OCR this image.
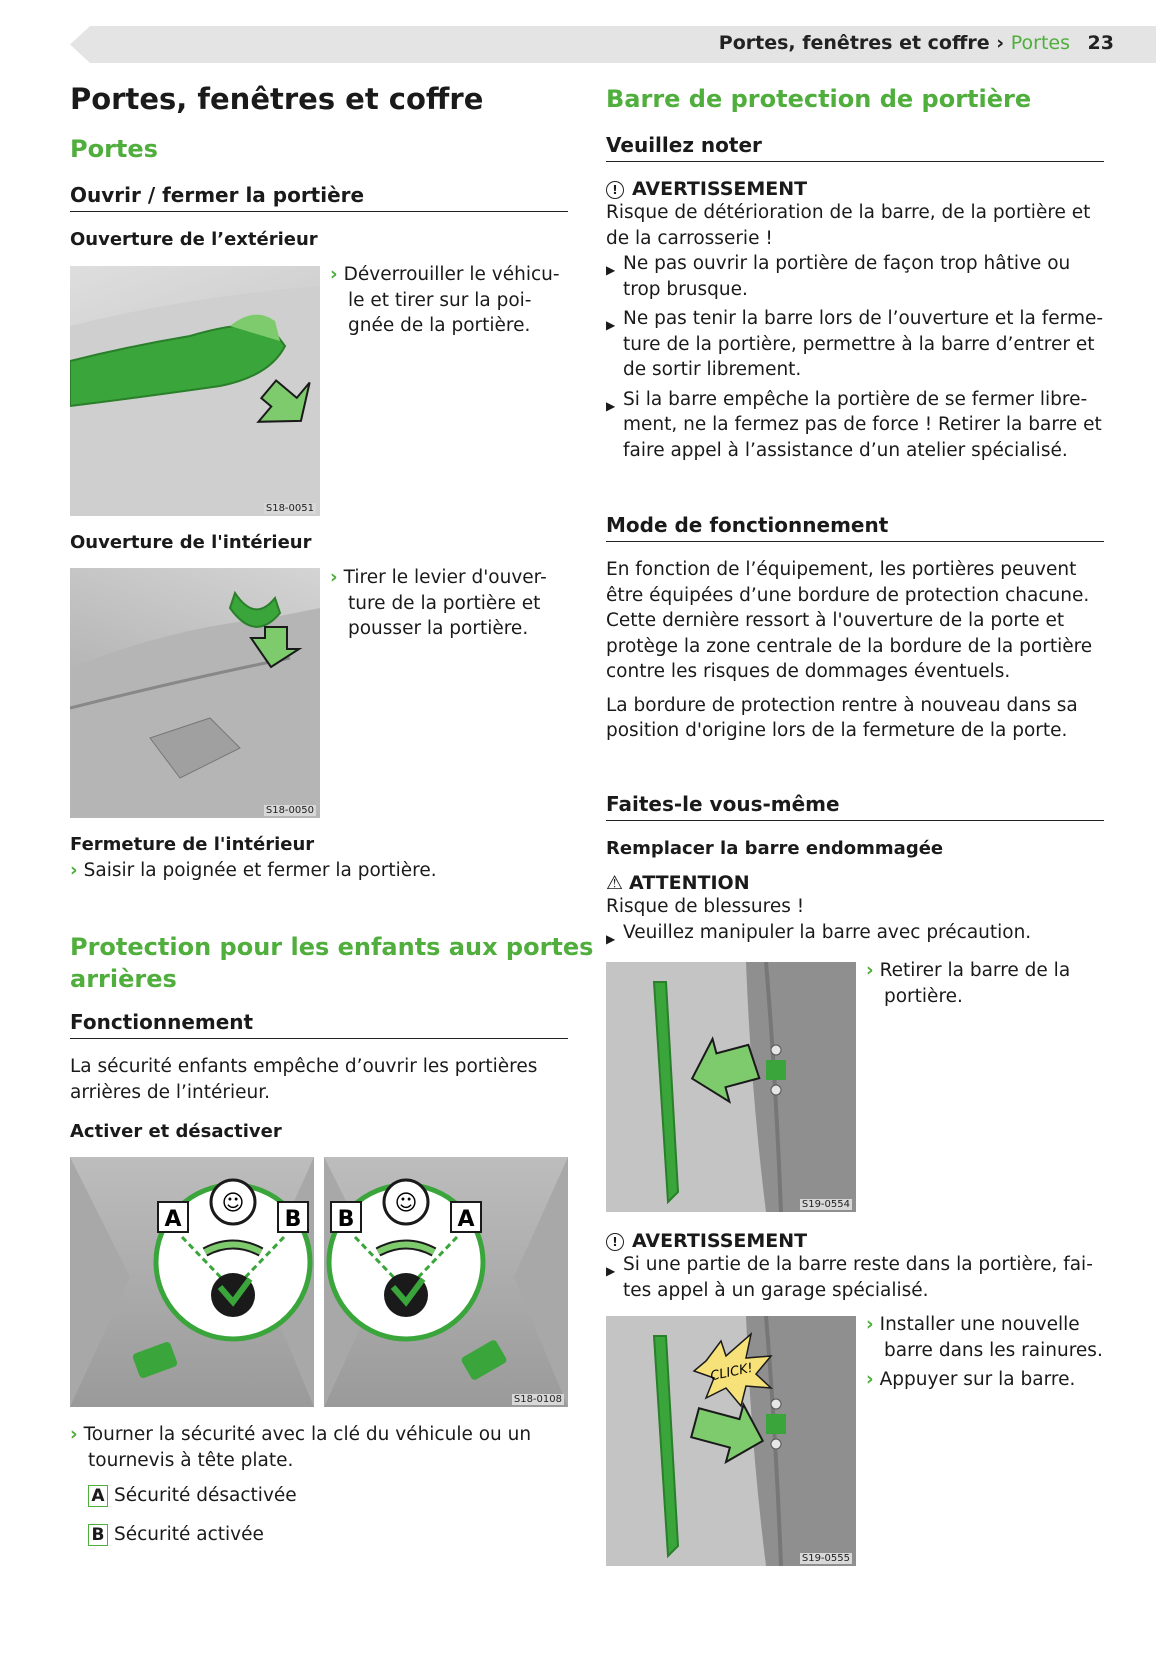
Portes, fenêtres et coffre › Portes 23
Portes, fenêtres et coffre
Portes
Ouvrir / fermer la portière
Ouverture de l’extérieur
S18-0051
› Déverrouiller le véhicu-
le et tirer sur la poi-
gnée de la portière.
Ouverture de l'intérieur
S18-0050
› Tirer le levier d'ouver-
ture de la portière et
pousser la portière.
Fermeture de l'intérieur
› Saisir la poignée et fermer la portière.
Protection pour les enfants aux portes
arrières
Fonctionnement
La sécurité enfants empêche d’ouvrir les portières
arrières de l’intérieur.
Activer et désactiver
☺
A	B
☺
B	A
S18-0108
› Tourner la sécurité avec la clé du véhicule ou un
tournevis à tête plate.
A Sécurité désactivée
B Sécurité activée
Barre de protection de portière
Veuillez noter
! AVERTISSEMENT
Risque de détérioration de la barre, de la portière et
de la carrosserie !
▶ Ne pas ouvrir la portière de façon trop hâtive ou
trop brusque.
▶ Ne pas tenir la barre lors de l’ouverture et la ferme-
ture de la portière, permettre à la barre d’entrer et
de sortir librement.
▶ Si la barre empêche la portière de se fermer libre-
ment, ne la fermez pas de force ! Retirer la barre et
faire appel à l’assistance d’un atelier spécialisé.
Mode de fonctionnement
En fonction de l’équipement, les portières peuvent
être équipées d’une bordure de protection chacune.
Cette dernière ressort à l'ouverture de la porte et
protège la zone centrale de la bordure de la portière
contre les risques de dommages éventuels.
La bordure de protection rentre à nouveau dans sa
position d'origine lors de la fermeture de la porte.
Faites-le vous-même
Remplacer la barre endommagée
⚠ ATTENTION
Risque de blessures !
▶ Veuillez manipuler la barre avec précaution.
S19-0554
› Retirer la barre de la
portière.
! AVERTISSEMENT
▶ Si une partie de la barre reste dans la portière, fai-
tes appel à un garage spécialisé.
CLICK!
S19-0555
› Installer une nouvelle
barre dans les rainures.
› Appuyer sur la barre.
